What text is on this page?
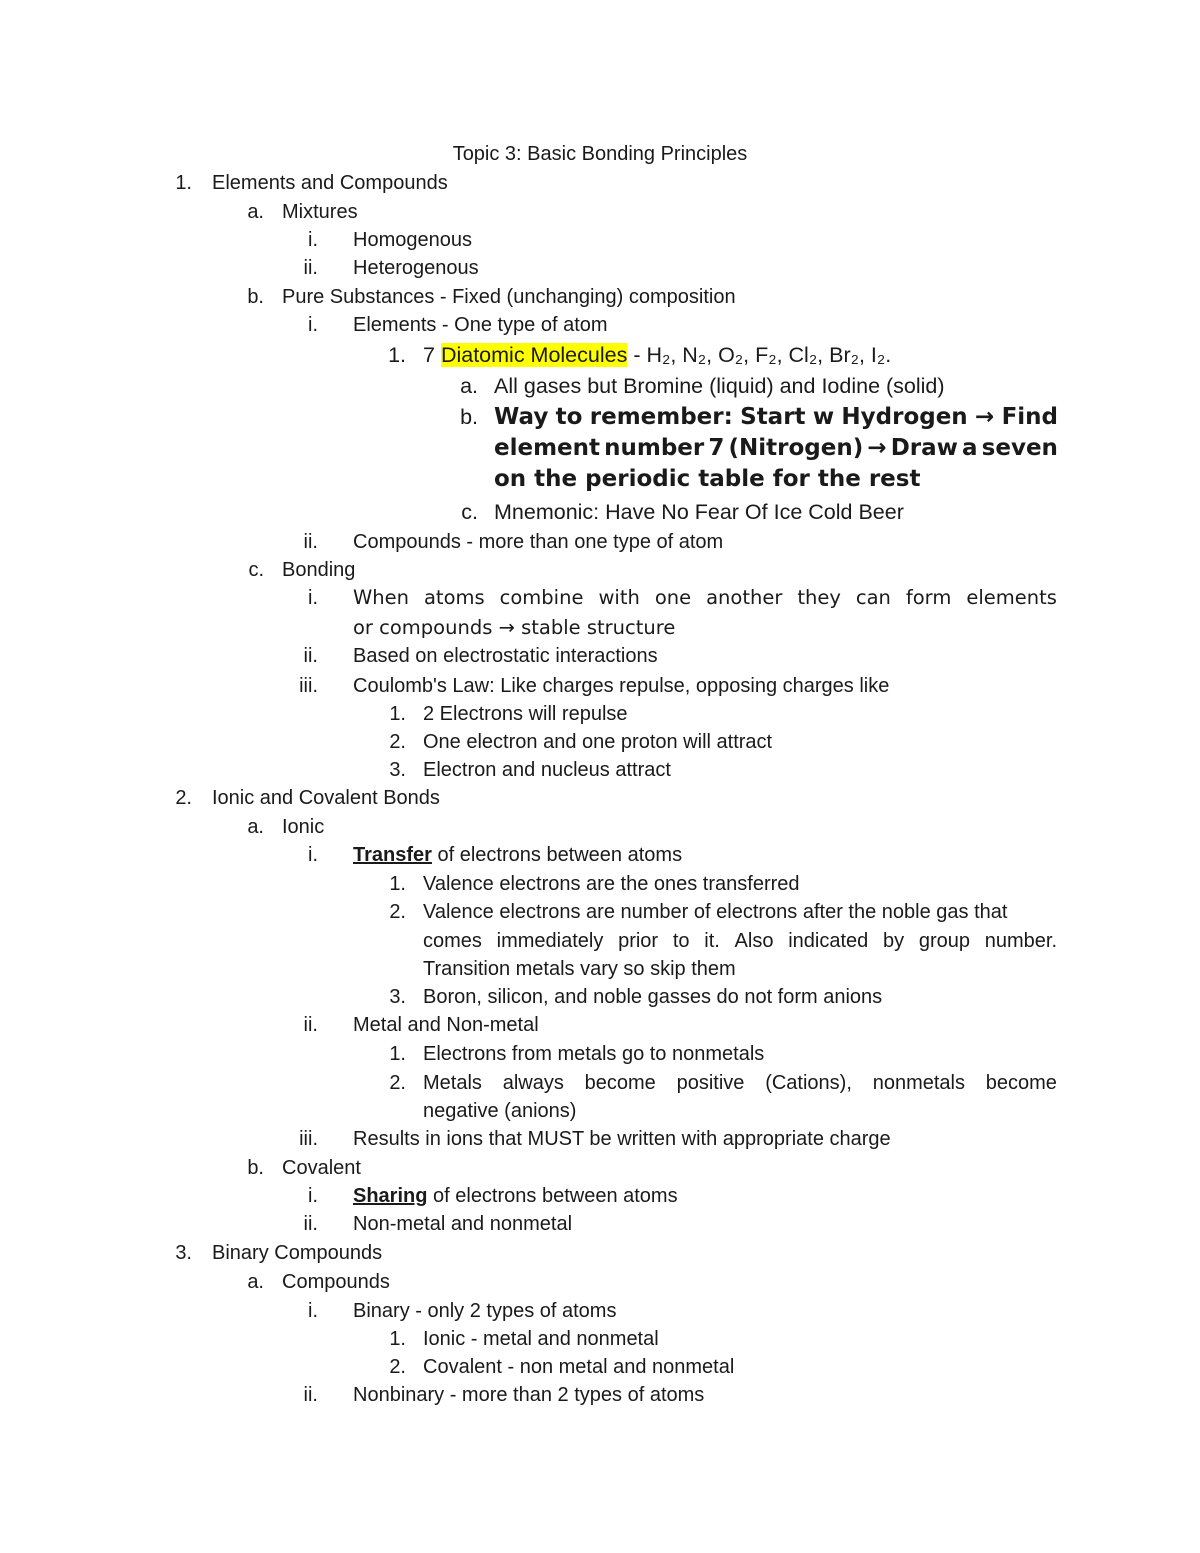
Topic 3: Basic Bonding Principles
1. Elements and Compounds
a. Mixtures
i. Homogenous
ii. Heterogenous
b. Pure Substances - Fixed (unchanging) composition
i. Elements - One type of atom
1. 7 Diatomic Molecules - H₂, N₂, O₂, F₂, Cl₂, Br₂, I₂.
a. All gases but Bromine (liquid) and Iodine (solid)
b. Way to remember: Start w Hydrogen → Find
element number 7 (Nitrogen) → Draw a seven
on the periodic table for the rest
c. Mnemonic: Have No Fear Of Ice Cold Beer
ii. Compounds - more than one type of atom
c. Bonding
i. When atoms combine with one another they can form elements
or compounds → stable structure
ii. Based on electrostatic interactions
iii. Coulomb's Law: Like charges repulse, opposing charges like
1. 2 Electrons will repulse
2. One electron and one proton will attract
3. Electron and nucleus attract
2. Ionic and Covalent Bonds
a. Ionic
i. Transfer of electrons between atoms
1. Valence electrons are the ones transferred
2. Valence electrons are number of electrons after the noble gas that
comes immediately prior to it. Also indicated by group number.
Transition metals vary so skip them
3. Boron, silicon, and noble gasses do not form anions
ii. Metal and Non-metal
1. Electrons from metals go to nonmetals
2. Metals always become positive (Cations), nonmetals become
negative (anions)
iii. Results in ions that MUST be written with appropriate charge
b. Covalent
i. Sharing of electrons between atoms
ii. Non-metal and nonmetal
3. Binary Compounds
a. Compounds
i. Binary - only 2 types of atoms
1. Ionic - metal and nonmetal
2. Covalent - non metal and nonmetal
ii. Nonbinary - more than 2 types of atoms
